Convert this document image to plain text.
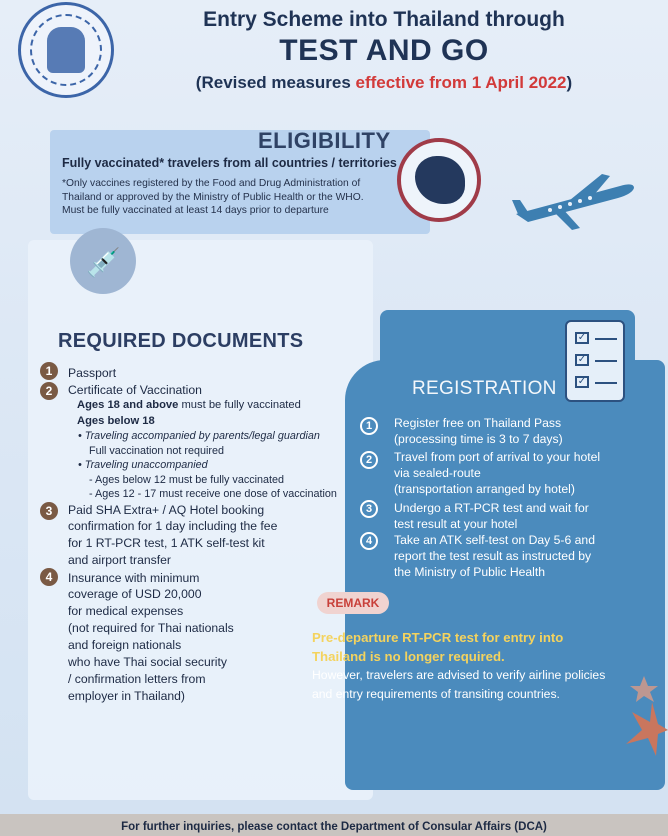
Entry Scheme into Thailand through
TEST AND GO
(Revised measures effective from 1 April 2022)
ELIGIBILITY
Fully vaccinated* travelers from all countries / territories
*Only vaccines registered by the Food and Drug Administration of
Thailand or approved by the Ministry of Public Health or the WHO.
Must be fully vaccinated at least 14 days prior to departure
💉
REQUIRED DOCUMENTS
1	Passport
2	Certificate of Vaccination
Ages 18 and above must be fully vaccinated
Ages below 18
• Traveling accompanied by parents/legal guardian
Full vaccination not required
• Traveling unaccompanied
- Ages below 12 must be fully vaccinated
- Ages 12 - 17 must receive one dose of vaccination
3	Paid SHA Extra+ / AQ Hotel booking
confirmation for 1 day including the fee
for 1 RT-PCR test, 1 ATK self-test kit
and airport transfer
4	Insurance with minimum
coverage of USD 20,000
for medical expenses
(not required for Thai nationals
and foreign nationals
who have Thai social security
/ confirmation letters from
employer in Thailand)
✓
✓
✓
REGISTRATION
1	Register free on Thailand Pass
(processing time is 3 to 7 days)
2	Travel from port of arrival to your hotel
via sealed-route
(transportation arranged by hotel)
3	Undergo a RT-PCR test and wait for
test result at your hotel
4	Take an ATK self-test on Day 5-6 and
report the test result as instructed by
the Ministry of Public Health
REMARK
Pre-departure RT-PCR test for entry into
Thailand is no longer required.
However, travelers are advised to verify airline policies
and entry requirements of transiting countries.
For further inquiries, please contact the Department of Consular Affairs (DCA)
